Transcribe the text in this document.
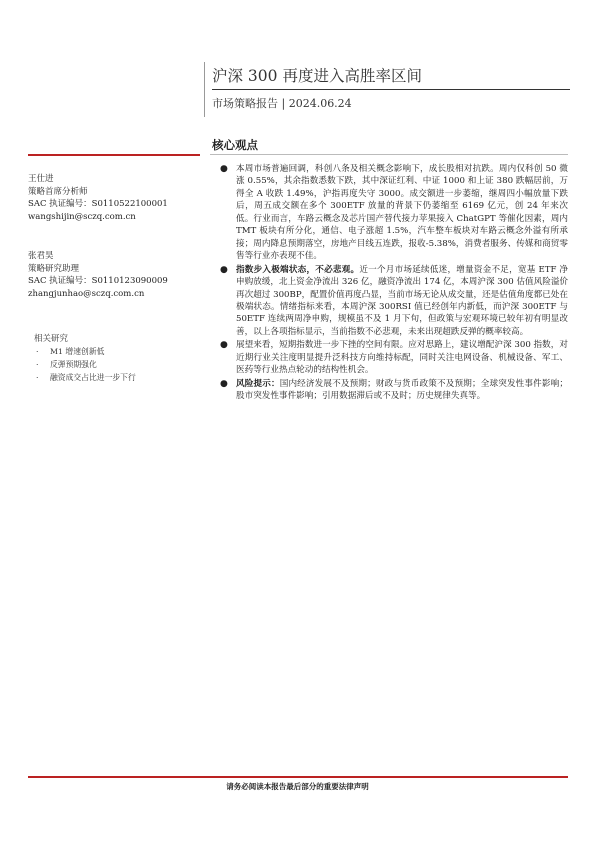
沪深 300 再度进入高胜率区间
市场策略报告 | 2024.06.24
核心观点
王仕进
策略首席分析师
SAC 执证编号：S0110522100001
wangshijin@sczq.com.cn
张君昊
策略研究助理
SAC 执证编号：S0110123090009
zhangjunhao@sczq.com.cn
相关研究
· M1 增速创新低
· 反弹预期强化
· 融资成交占比进一步下行
● 本周市场普遍回调，科创八条及相关概念影响下，成长股相对抗跌。周内仅科创 50 微涨 0.55%，其余指数悉数下跌，其中深证红利、中证 1000 和上证 380 跌幅居前，万得全 A 收跌 1.49%，沪指再度失守 3000。成交额进一步萎缩，继周四小幅放量下跌后，周五成交额在多个 300ETF 放量的背景下仍萎缩至 6169 亿元，创 24 年来次低。行业而言，车路云概念及芯片国产替代接力苹果接入 ChatGPT 等催化因素，周内 TMT 板块有所分化，通信、电子涨超 1.5%，汽车整车板块对车路云概念外溢有所承接；周内降息预期落空，房地产目线五连跌，报收-5.38%，消费者服务、传媒和商贸零售等行业亦表现不佳。
● 指数步入极端状态，不必悲观。近一个月市场延续低迷，增量资金不足，宽基 ETF 净申购放缓，北上资金净流出 326 亿，融资净流出 174 亿，本周沪深 300 估值风险溢价再次超过 300BP，配置价值再度凸显，当前市场无论从成交量，还是估值角度都已处在极端状态。情绪指标来看，本周沪深 300RSI 值已经创年内新低，而沪深 300ETF 与 50ETF 连续两周净申购，规模虽不及 1 月下旬，但政策与宏观环境已较年初有明显改善，以上各项指标显示，当前指数不必悲观，未来出现超跌反弹的概率较高。
● 展望来看，短期指数进一步下挫的空间有限。应对思路上，建议增配沪深 300 指数，对近期行业关注度明显提升泛科技方向维持标配，同时关注电网设备、机械设备、军工、医药等行业热点轮动的结构性机会。
● 风险提示：国内经济发展不及预期；财政与货币政策不及预期；全球突发性事件影响；股市突发性事件影响；引用数据滞后或不及时；历史规律失真等。
请务必阅读本报告最后部分的重要法律声明
